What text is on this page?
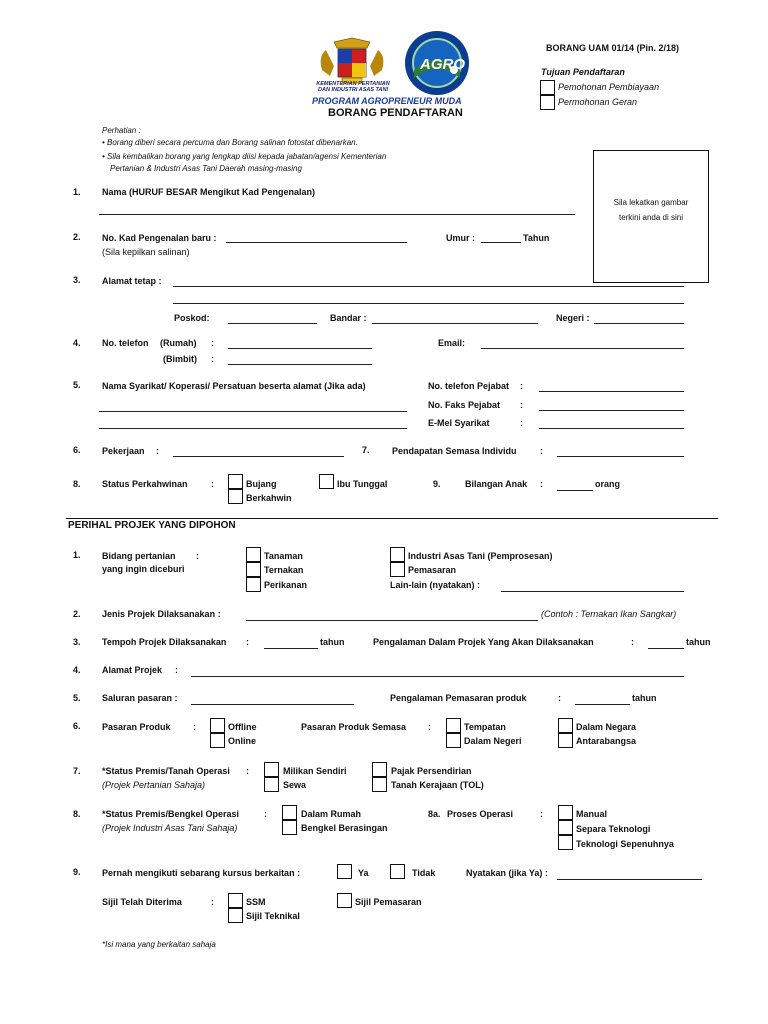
KEMENTERIAN PERTANIAN
DAN INDUSTRI ASAS TANI
AGRO
PROGRAM AGROPRENEUR MUDA
BORANG PENDAFTARAN
BORANG UAM 01/14 (Pin. 2/18)
Tujuan Pendaftaran
Pemohonan Pembiayaan
Permohonan Geran
Perhatian :
• Borang diberi secara percuma dan Borang salinan fotostat dibenarkan.
• Sila kembalikan borang yang lengkap diisi kepada jabatan/agensi Kementerian
Pertanian & Industri Asas Tani Daerah masing-masing
Sila lekatkan gambar
terkini anda di sini
1. Nama (HURUF BESAR Mengikut Kad Pengenalan)
2. No. Kad Pengenalan baru :
(Sila kepilkan salinan)
Umur :	Tahun
3. Alamat tetap :
Poskod:	Bandar :	Negeri :
4. No. telefon (Rumah) :
(Bimbit) :
Email:
5. Nama Syarikat/ Koperasi/ Persatuan beserta alamat (Jika ada)	No. telefon Pejabat :
No. Faks Pejabat :
E-Mel Syarikat	:
6. Pekerjaan :	7. Pendapatan Semasa Individu	:
8. Status Perkahwinan	:	Bujang
Berkahwin
Ibu Tunggal	9.	Bilangan Anak :	orang
PERIHAL PROJEK YANG DIPOHON
1. Bidang pertanian
yang ingin diceburi
:	Tanaman
Ternakan
Perikanan
Industri Asas Tani (Pemprosesan)
Pemasaran
Lain-lain (nyatakan) :
2. Jenis Projek Dilaksanakan :	(Contoh : Ternakan Ikan Sangkar)
3. Tempoh Projek Dilaksanakan :	tahun	Pengalaman Dalam Projek Yang Akan Dilaksanakan	:	tahun
4. Alamat Projek :
5. Saluran pasaran :	Pengalaman Pemasaran produk	:	tahun
6. Pasaran Produk :	Offline
Online
Pasaran Produk Semasa :	Tempatan
Dalam Negeri
Dalam Negara
Antarabangsa
7. *Status Premis/Tanah Operasi
(Projek Pertanian Sahaja)
:	Milikan Sendiri
Sewa
Pajak Persendirian
Tanah Kerajaan (TOL)
8. *Status Premis/Bengkel Operasi
(Projek Industri Asas Tani Sahaja)
:	Dalam Rumah
Bengkel Berasingan
8a. Proses Operasi	:	Manual
Separa Teknologi
Teknologi Sepenuhnya
9. Pernah mengikuti sebarang kursus berkaitan :	Ya	Tidak	Nyatakan (jika Ya) :
Sijil Telah Diterima	:	SSM
Sijil Teknikal
Sijil Pemasaran
*Isi mana yang berkaitan sahaja
